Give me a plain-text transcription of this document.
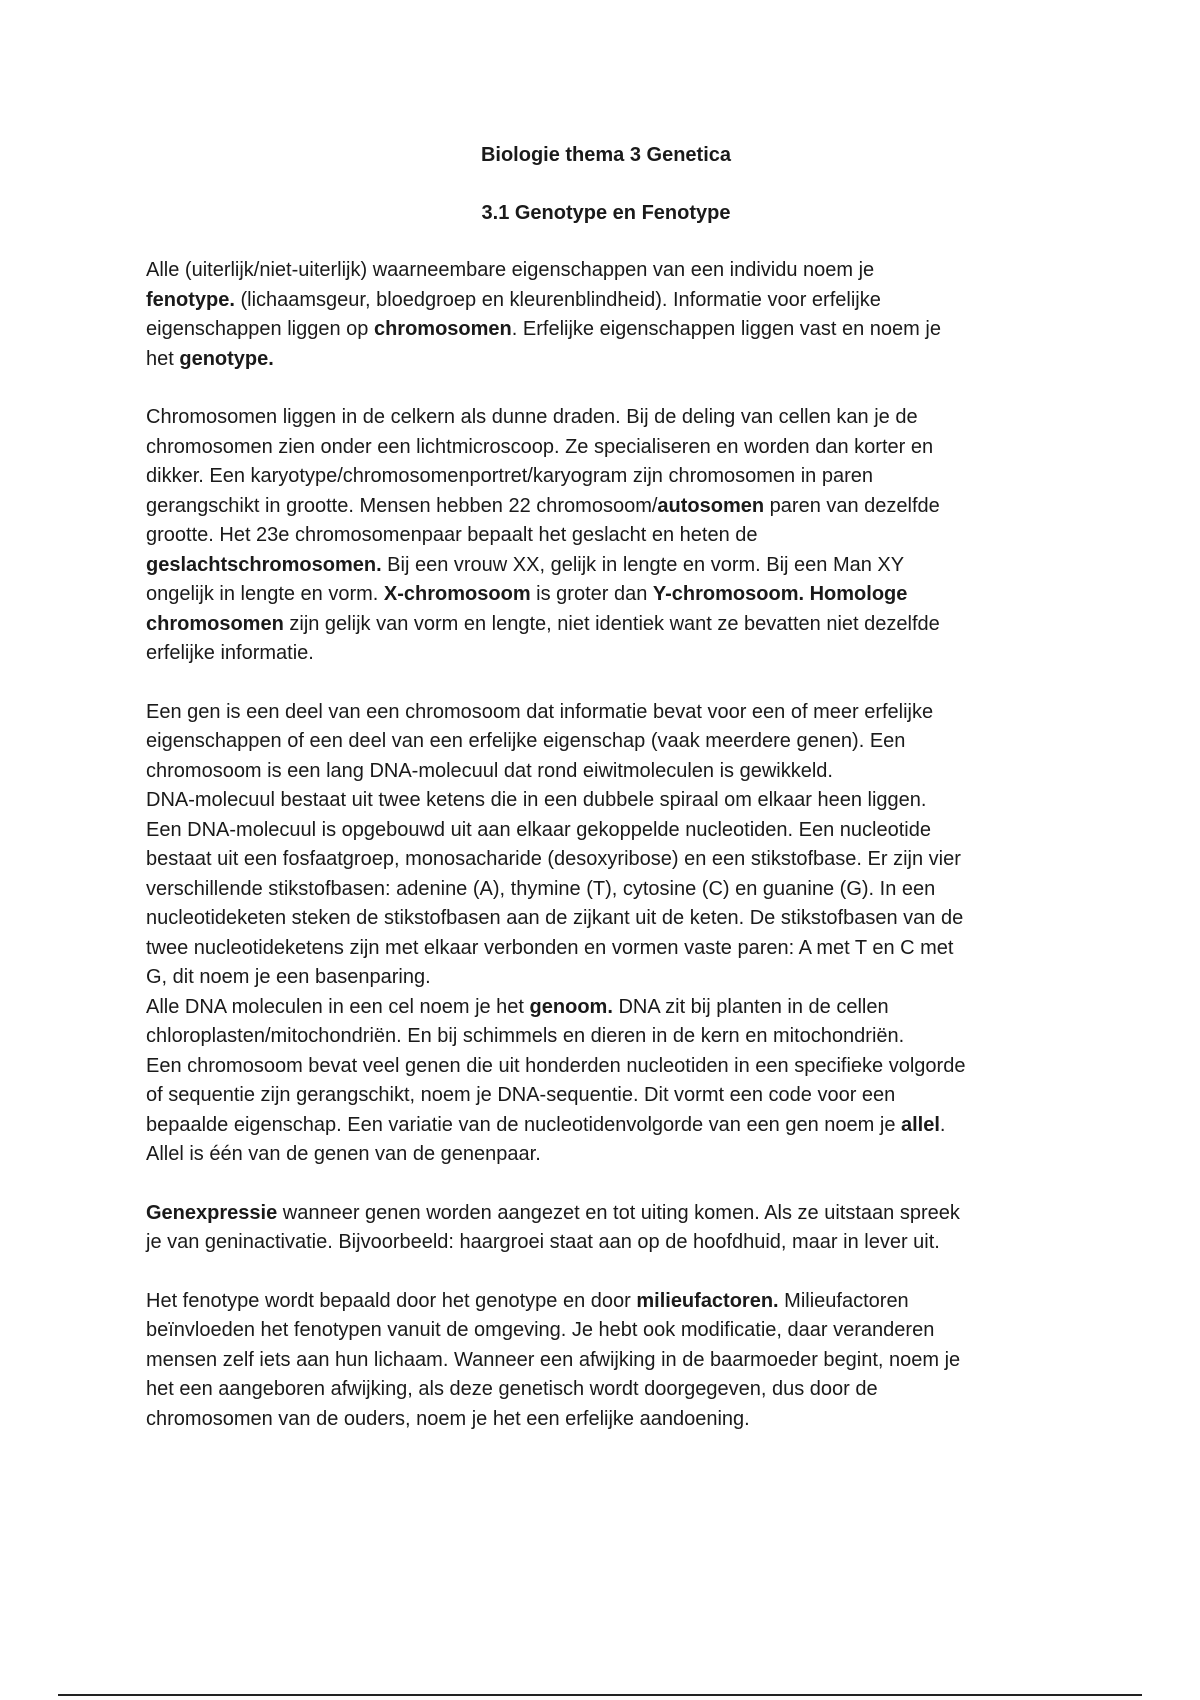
Biologie thema 3 Genetica
3.1 Genotype en Fenotype

Alle (uiterlijk/niet-uiterlijk) waarneembare eigenschappen van een individu noem je
fenotype. (lichaamsgeur, bloedgroep en kleurenblindheid). Informatie voor erfelijke
eigenschappen liggen op chromosomen. Erfelijke eigenschappen liggen vast en noem je
het genotype.

Chromosomen liggen in de celkern als dunne draden. Bij de deling van cellen kan je de
chromosomen zien onder een lichtmicroscoop. Ze specialiseren en worden dan korter en
dikker. Een karyotype/chromosomenportret/karyogram zijn chromosomen in paren
gerangschikt in grootte. Mensen hebben 22 chromosoom/autosomen paren van dezelfde
grootte. Het 23e chromosomenpaar bepaalt het geslacht en heten de
geslachtschromosomen. Bij een vrouw XX, gelijk in lengte en vorm. Bij een Man XY
ongelijk in lengte en vorm. X-chromosoom is groter dan Y-chromosoom. Homologe
chromosomen zijn gelijk van vorm en lengte, niet identiek want ze bevatten niet dezelfde
erfelijke informatie.

Een gen is een deel van een chromosoom dat informatie bevat voor een of meer erfelijke
eigenschappen of een deel van een erfelijke eigenschap (vaak meerdere genen). Een
chromosoom is een lang DNA-molecuul dat rond eiwitmoleculen is gewikkeld.
DNA-molecuul bestaat uit twee ketens die in een dubbele spiraal om elkaar heen liggen.
Een DNA-molecuul is opgebouwd uit aan elkaar gekoppelde nucleotiden. Een nucleotide
bestaat uit een fosfaatgroep, monosacharide (desoxyribose) en een stikstofbase. Er zijn vier
verschillende stikstofbasen: adenine (A), thymine (T), cytosine (C) en guanine (G). In een
nucleotideketen steken de stikstofbasen aan de zijkant uit de keten. De stikstofbasen van de
twee nucleotideketens zijn met elkaar verbonden en vormen vaste paren: A met T en C met
G, dit noem je een basenparing.
Alle DNA moleculen in een cel noem je het genoom. DNA zit bij planten in de cellen
chloroplasten/mitochondriën. En bij schimmels en dieren in de kern en mitochondriën.
Een chromosoom bevat veel genen die uit honderden nucleotiden in een specifieke volgorde
of sequentie zijn gerangschikt, noem je DNA-sequentie. Dit vormt een code voor een
bepaalde eigenschap. Een variatie van de nucleotidenvolgorde van een gen noem je allel.
Allel is één van de genen van de genenpaar.

Genexpressie wanneer genen worden aangezet en tot uiting komen. Als ze uitstaan spreek
je van geninactivatie. Bijvoorbeeld: haargroei staat aan op de hoofdhuid, maar in lever uit.

Het fenotype wordt bepaald door het genotype en door milieufactoren. Milieufactoren
beïnvloeden het fenotypen vanuit de omgeving. Je hebt ook modificatie, daar veranderen
mensen zelf iets aan hun lichaam. Wanneer een afwijking in de baarmoeder begint, noem je
het een aangeboren afwijking, als deze genetisch wordt doorgegeven, dus door de
chromosomen van de ouders, noem je het een erfelijke aandoening.
